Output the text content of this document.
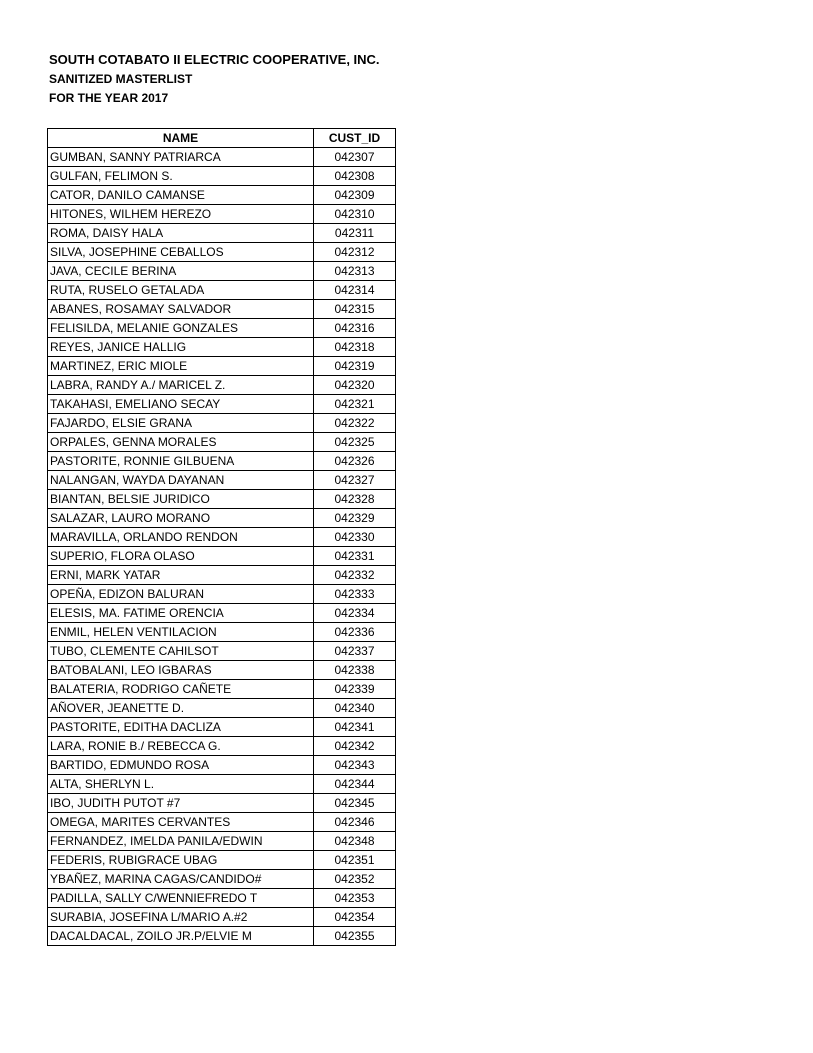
SOUTH COTABATO II ELECTRIC COOPERATIVE, INC.
SANITIZED MASTERLIST
FOR THE YEAR 2017
NAME	CUST_ID
GUMBAN, SANNY PATRIARCA	042307
GULFAN, FELIMON S.	042308
CATOR, DANILO CAMANSE	042309
HITONES, WILHEM HEREZO	042310
ROMA, DAISY HALA	042311
SILVA, JOSEPHINE CEBALLOS	042312
JAVA, CECILE BERINA	042313
RUTA, RUSELO GETALADA	042314
ABANES, ROSAMAY SALVADOR	042315
FELISILDA, MELANIE GONZALES	042316
REYES, JANICE HALLIG	042318
MARTINEZ, ERIC MIOLE	042319
LABRA, RANDY A./ MARICEL Z.	042320
TAKAHASI, EMELIANO SECAY	042321
FAJARDO, ELSIE GRANA	042322
ORPALES, GENNA MORALES	042325
PASTORITE, RONNIE GILBUENA	042326
NALANGAN, WAYDA DAYANAN	042327
BIANTAN, BELSIE JURIDICO	042328
SALAZAR, LAURO MORANO	042329
MARAVILLA, ORLANDO RENDON	042330
SUPERIO, FLORA OLASO	042331
ERNI, MARK YATAR	042332
OPEÑA, EDIZON BALURAN	042333
ELESIS, MA. FATIME ORENCIA	042334
ENMIL, HELEN VENTILACION	042336
TUBO, CLEMENTE CAHILSOT	042337
BATOBALANI, LEO IGBARAS	042338
BALATERIA, RODRIGO CAÑETE	042339
AÑOVER, JEANETTE D.	042340
PASTORITE, EDITHA DACLIZA	042341
LARA, RONIE B./ REBECCA G.	042342
BARTIDO, EDMUNDO ROSA	042343
ALTA, SHERLYN L.	042344
IBO, JUDITH PUTOT #7	042345
OMEGA, MARITES CERVANTES	042346
FERNANDEZ, IMELDA PANILA/EDWIN	042348
FEDERIS, RUBIGRACE UBAG	042351
YBAÑEZ, MARINA CAGAS/CANDIDO#	042352
PADILLA, SALLY C/WENNIEFREDO T	042353
SURABIA, JOSEFINA L/MARIO A.#2	042354
DACALDACAL, ZOILO JR.P/ELVIE M	042355
